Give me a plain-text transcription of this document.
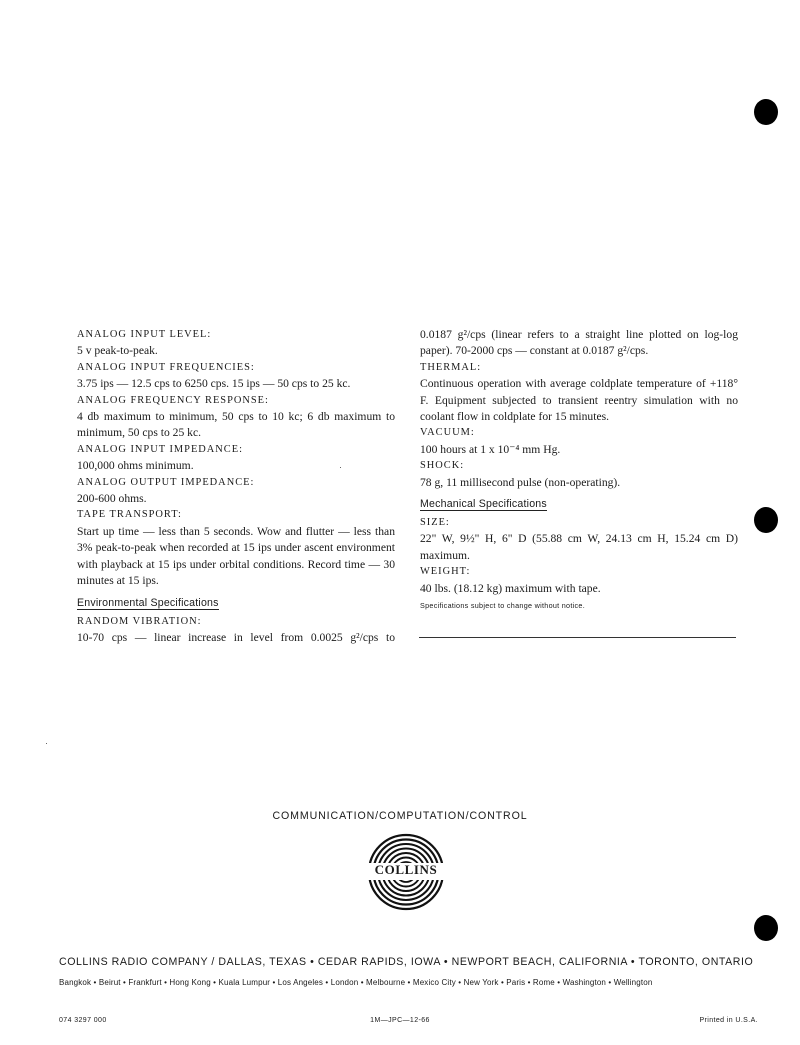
ANALOG INPUT LEVEL:
5 v peak-to-peak.
ANALOG INPUT FREQUENCIES:
3.75 ips — 12.5 cps to 6250 cps. 15 ips — 50 cps to 25 kc.
ANALOG FREQUENCY RESPONSE:
4 db maximum to minimum, 50 cps to 10 kc; 6 db maximum to minimum, 50 cps to 25 kc.
ANALOG INPUT IMPEDANCE:
100,000 ohms minimum.
ANALOG OUTPUT IMPEDANCE:
200-600 ohms.
TAPE TRANSPORT:
Start up time — less than 5 seconds. Wow and flutter — less than 3% peak-to-peak when recorded at 15 ips under ascent environment with playback at 15 ips under orbital conditions. Record time — 30 minutes at 15 ips.
Environmental Specifications
RANDOM VIBRATION:
10-70 cps — linear increase in level from 0.0025 g²/cps to
0.0187 g²/cps (linear refers to a straight line plotted on log-log paper). 70-2000 cps — constant at 0.0187 g²/cps.
THERMAL:
Continuous operation with average coldplate temperature of +118° F. Equipment subjected to transient reentry simulation with no coolant flow in coldplate for 15 minutes.
VACUUM:
100 hours at 1 x 10⁻⁴ mm Hg.
SHOCK:
78 g, 11 millisecond pulse (non-operating).
Mechanical Specifications
SIZE:
22" W, 9½" H, 6" D (55.88 cm W, 24.13 cm H, 15.24 cm D) maximum.
WEIGHT:
40 lbs. (18.12 kg) maximum with tape.
Specifications subject to change without notice.
COMMUNICATION/COMPUTATION/CONTROL
COLLINS
COLLINS RADIO COMPANY / DALLAS, TEXAS • CEDAR RAPIDS, IOWA • NEWPORT BEACH, CALIFORNIA • TORONTO, ONTARIO
Bangkok • Beirut • Frankfurt • Hong Kong • Kuala Lumpur • Los Angeles • London • Melbourne • Mexico City • New York • Paris • Rome • Washington • Wellington
074 3297 000	1M—JPC—12-66	Printed in U.S.A.
